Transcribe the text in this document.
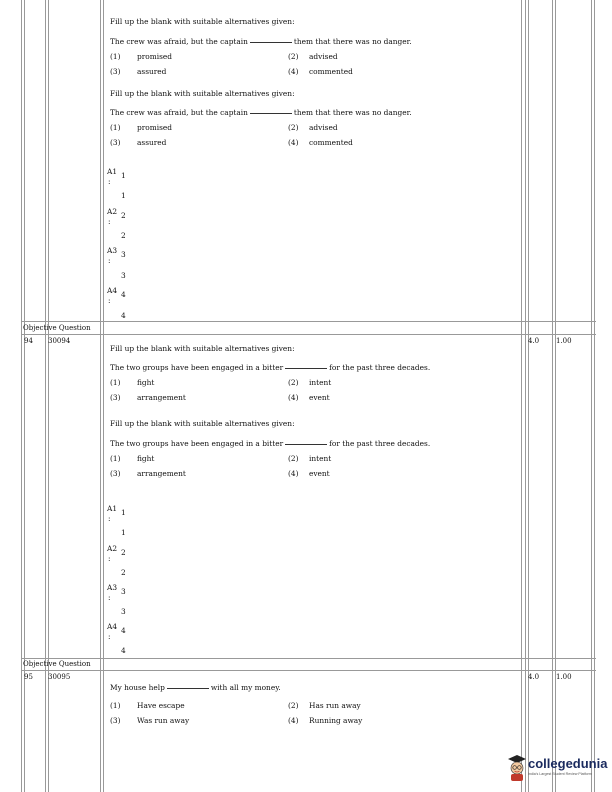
Fill up the blank with suitable alternatives given:
The crew was afraid, but the captain	them that there was no danger.
(1) promised	(2) advised
(3) assured	(4) commented
Fill up the blank with suitable alternatives given:
The crew was afraid, but the captain	them that there was no danger.
(1) promised	(2) advised
(3) assured	(4) commented
A1 1
:
1
A2 2
:
2
A3 3
:
3
A4 4
:
4
Objective Question
94 30094	4.0 1.00
Fill up the blank with suitable alternatives given:
The two groups have been engaged in a bitter	for the past three decades.
(1) fight	(2) intent
(3) arrangement	(4) event
Fill up the blank with suitable alternatives given:
The two groups have been engaged in a bitter	for the past three decades.
(1) fight	(2) intent
(3) arrangement	(4) event
A1 1
:
1
A2 2
:
2
A3 3
:
3
A4 4
:
4
Objective Question
95 30095	4.0 1.00
My house help	with all my money.
(1) Have escape	(2) Has run away
(3) Was run away	(4) Running away
collegedunia
India's Largest Student Review Platform
